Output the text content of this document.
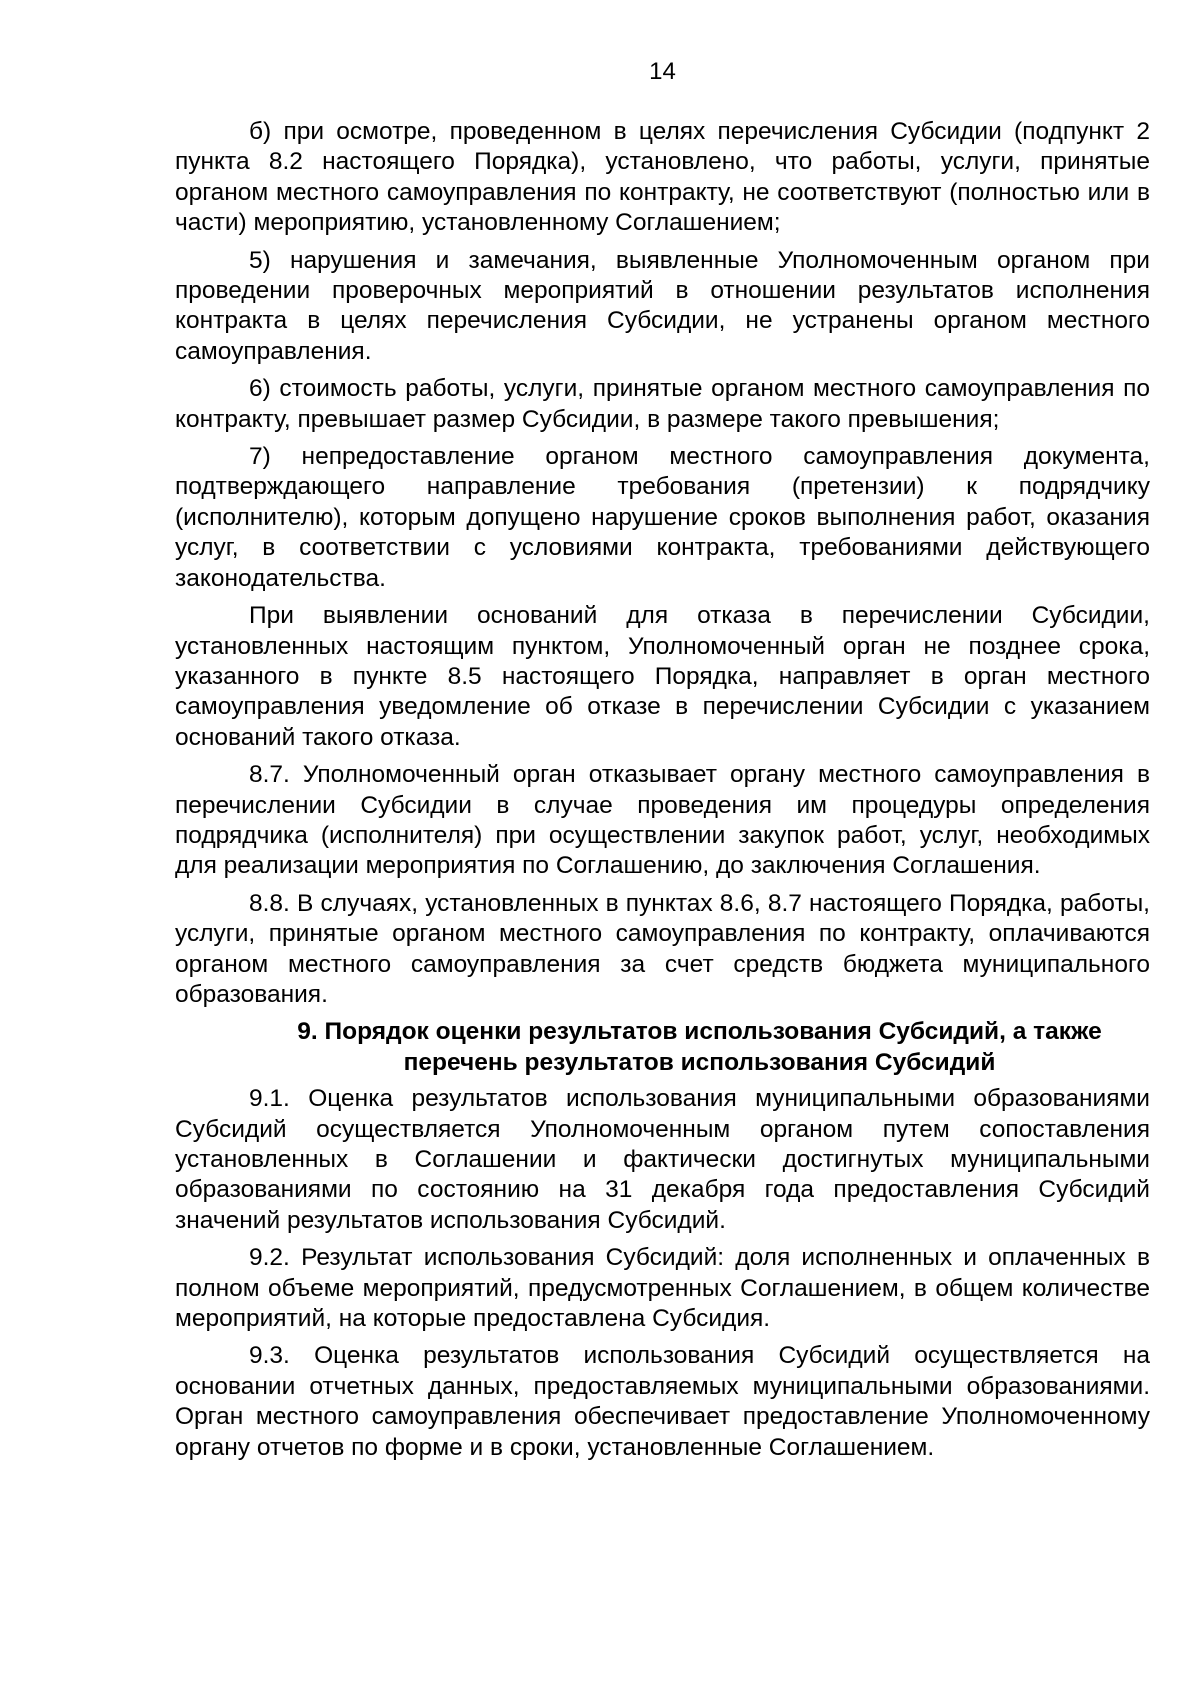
14

б) при осмотре, проведенном в целях перечисления Субсидии (подпункт 2 пункта 8.2 настоящего Порядка), установлено, что работы, услуги, принятые органом местного самоуправления по контракту, не соответствуют (полностью или в части) мероприятию, установленному Соглашением;

5) нарушения и замечания, выявленные Уполномоченным органом при проведении проверочных мероприятий в отношении результатов исполнения контракта в целях перечисления Субсидии, не устранены органом местного самоуправления.

6) стоимость работы, услуги, принятые органом местного самоуправления по контракту, превышает размер Субсидии, в размере такого превышения;

7) непредоставление органом местного самоуправления документа, подтверждающего направление требования (претензии) к подрядчику (исполнителю), которым допущено нарушение сроков выполнения работ, оказания услуг, в соответствии с условиями контракта, требованиями действующего законодательства.

При выявлении оснований для отказа в перечислении Субсидии, установленных настоящим пунктом, Уполномоченный орган не позднее срока, указанного в пункте 8.5 настоящего Порядка, направляет в орган местного самоуправления уведомление об отказе в перечислении Субсидии с указанием оснований такого отказа.

8.7. Уполномоченный орган отказывает органу местного самоуправления в перечислении Субсидии в случае проведения им процедуры определения подрядчика (исполнителя) при осуществлении закупок работ, услуг, необходимых для реализации мероприятия по Соглашению, до заключения Соглашения.

8.8. В случаях, установленных в пунктах 8.6, 8.7 настоящего Порядка, работы, услуги, принятые органом местного самоуправления по контракту, оплачиваются органом местного самоуправления за счет средств бюджета муниципального образования.

9. Порядок оценки результатов использования Субсидий, а также перечень результатов использования Субсидий

9.1. Оценка результатов использования муниципальными образованиями Субсидий осуществляется Уполномоченным органом путем сопоставления установленных в Соглашении и фактически достигнутых муниципальными образованиями по состоянию на 31 декабря года предоставления Субсидий значений результатов использования Субсидий.

9.2. Результат использования Субсидий: доля исполненных и оплаченных в полном объеме мероприятий, предусмотренных Соглашением, в общем количестве мероприятий, на которые предоставлена Субсидия.

9.3. Оценка результатов использования Субсидий осуществляется на основании отчетных данных, предоставляемых муниципальными образованиями. Орган местного самоуправления обеспечивает предоставление Уполномоченному органу отчетов по форме и в сроки, установленные Соглашением.
